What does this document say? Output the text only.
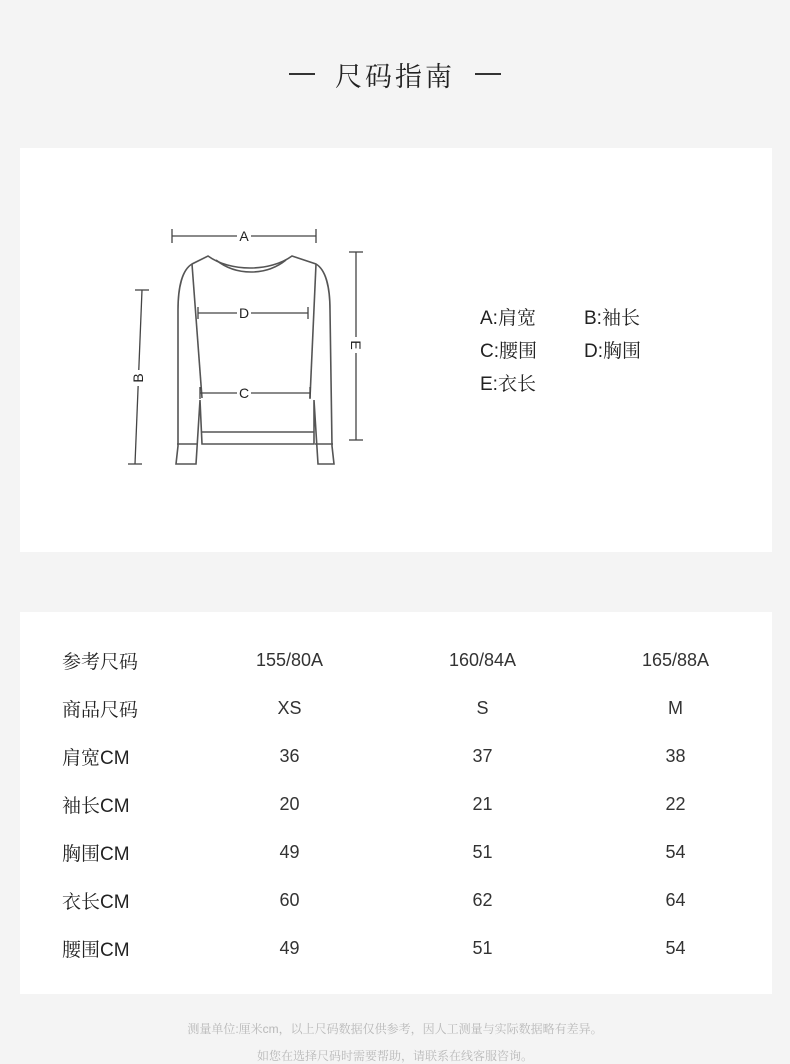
尺码指南
A
D
C
B
E
A:肩宽	B:袖长
C:腰围	D:胸围
E:衣长
参考尺码	155/80A	160/84A	165/88A
商品尺码	XS	S	M
肩宽CM	36	37	38
袖长CM	20	21	22
胸围CM	49	51	54
衣长CM	60	62	64
腰围CM	49	51	54
测量单位:厘米cm，以上尺码数据仅供参考，因人工测量与实际数据略有差异。
如您在选择尺码时需要帮助，请联系在线客服咨询。
